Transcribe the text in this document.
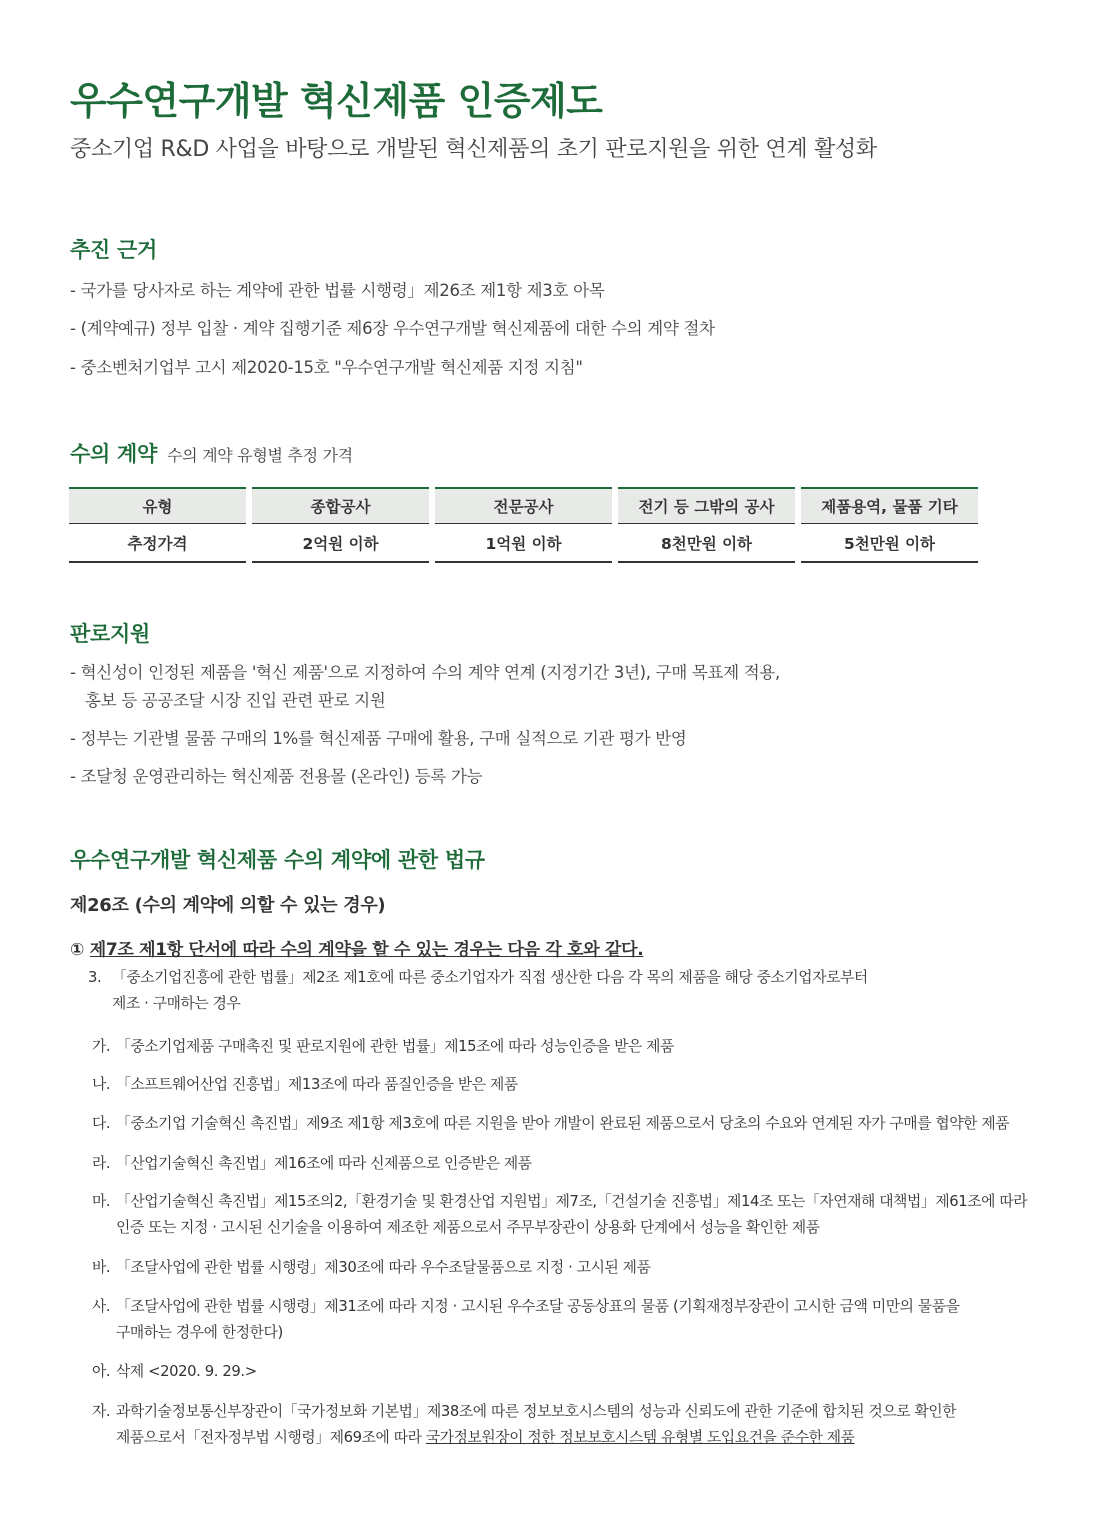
우수연구개발 혁신제품 인증제도

중소기업 R&D 사업을 바탕으로 개발된 혁신제품의 초기 판로지원을 위한 연계 활성화

추진 근거

- 국가를 당사자로 하는 계약에 관한 법률 시행령」제26조 제1항 제3호 아목

- (계약예규) 정부 입찰 · 계약 집행기준 제6장 우수연구개발 혁신제품에 대한 수의 계약 절차

- 중소벤처기업부 고시 제2020-15호 "우수연구개발 혁신제품 지정 지침"

수의 계약 수의 계약 유형별 추정 가격
유형		종합공사		전문공사		전기 등 그밖의 공사		제품용역, 물품 기타
추정가격		2억원 이하		1억원 이하		8천만원 이하		5천만원 이하
판로지원
- 혁신성이 인정된 제품을 '혁신 제품'으로 지정하여 수의 계약 연계 (지정기간 3년), 구매 목표제 적용,
홍보 등 공공조달 시장 진입 관련 판로 지원

- 정부는 기관별 물품 구매의 1%를 혁신제품 구매에 활용, 구매 실적으로 기관 평가 반영

- 조달청 운영관리하는 혁신제품 전용몰 (온라인) 등록 가능

우수연구개발 혁신제품 수의 계약에 관한 법규

제26조 (수의 계약에 의할 수 있는 경우)

① 제7조 제1항 단서에 따라 수의 계약을 할 수 있는 경우는 다음 각 호와 같다.

3. 「중소기업진흥에 관한 법률」제2조 제1호에 따른 중소기업자가 직접 생산한 다음 각 목의 제품을 해당 중소기업자로부터
제조 · 구매하는 경우
가. 「중소기업제품 구매촉진 및 판로지원에 관한 법률」제15조에 따라 성능인증을 받은 제품
나. 「소프트웨어산업 진흥법」제13조에 따라 품질인증을 받은 제품
다. 「중소기업 기술혁신 촉진법」제9조 제1항 제3호에 따른 지원을 받아 개발이 완료된 제품으로서 당초의 수요와 연계된 자가 구매를 협약한 제품
라. 「산업기술혁신 촉진법」제16조에 따라 신제품으로 인증받은 제품
마. 「산업기술혁신 촉진법」제15조의2,「환경기술 및 환경산업 지원법」제7조,「건설기술 진흥법」제14조 또는「자연재해 대책법」제61조에 따라
인증 또는 지정 · 고시된 신기술을 이용하여 제조한 제품으로서 주무부장관이 상용화 단계에서 성능을 확인한 제품
바. 「조달사업에 관한 법률 시행령」제30조에 따라 우수조달물품으로 지정 · 고시된 제품
사. 「조달사업에 관한 법률 시행령」제31조에 따라 지정 · 고시된 우수조달 공동상표의 물품 (기획재정부장관이 고시한 금액 미만의 물품을
구매하는 경우에 한정한다)
아. 삭제 <2020. 9. 29.>
자. 과학기술정보통신부장관이「국가정보화 기본법」제38조에 따른 정보보호시스템의 성능과 신뢰도에 관한 기준에 합치된 것으로 확인한
제품으로서「전자정부법 시행령」제69조에 따라 국가정보원장이 정한 정보보호시스템 유형별 도입요건을 준수한 제품
